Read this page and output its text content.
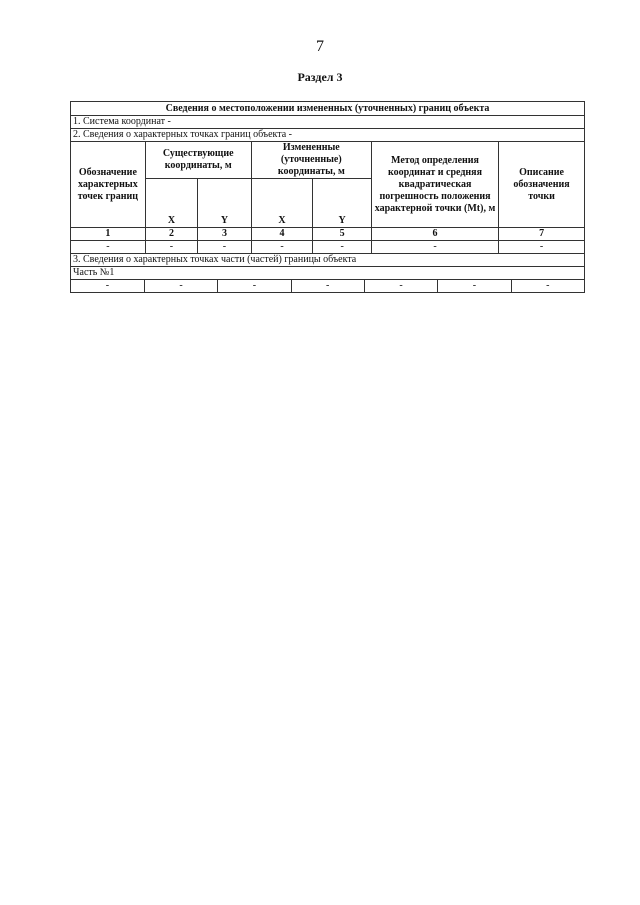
7
Раздел 3
Сведения о местоположении измененных (уточненных) границ объекта
1. Система координат -
2. Сведения о характерных точках границ объекта -
Обозначение характерных точек границ	Существующие координаты, м	Измененные (уточненные) координаты, м	Метод определения координат и средняя квадратическая погрешность положения характерной точки (Mt), м	Описание обозначения точки
X	Y	X	Y
1	2	3	4	5	6	7
-	-	-	-	-	-	-
3. Сведения о характерных точках части (частей) границы объекта
Часть №1

-	-	-	-	-	-	-
